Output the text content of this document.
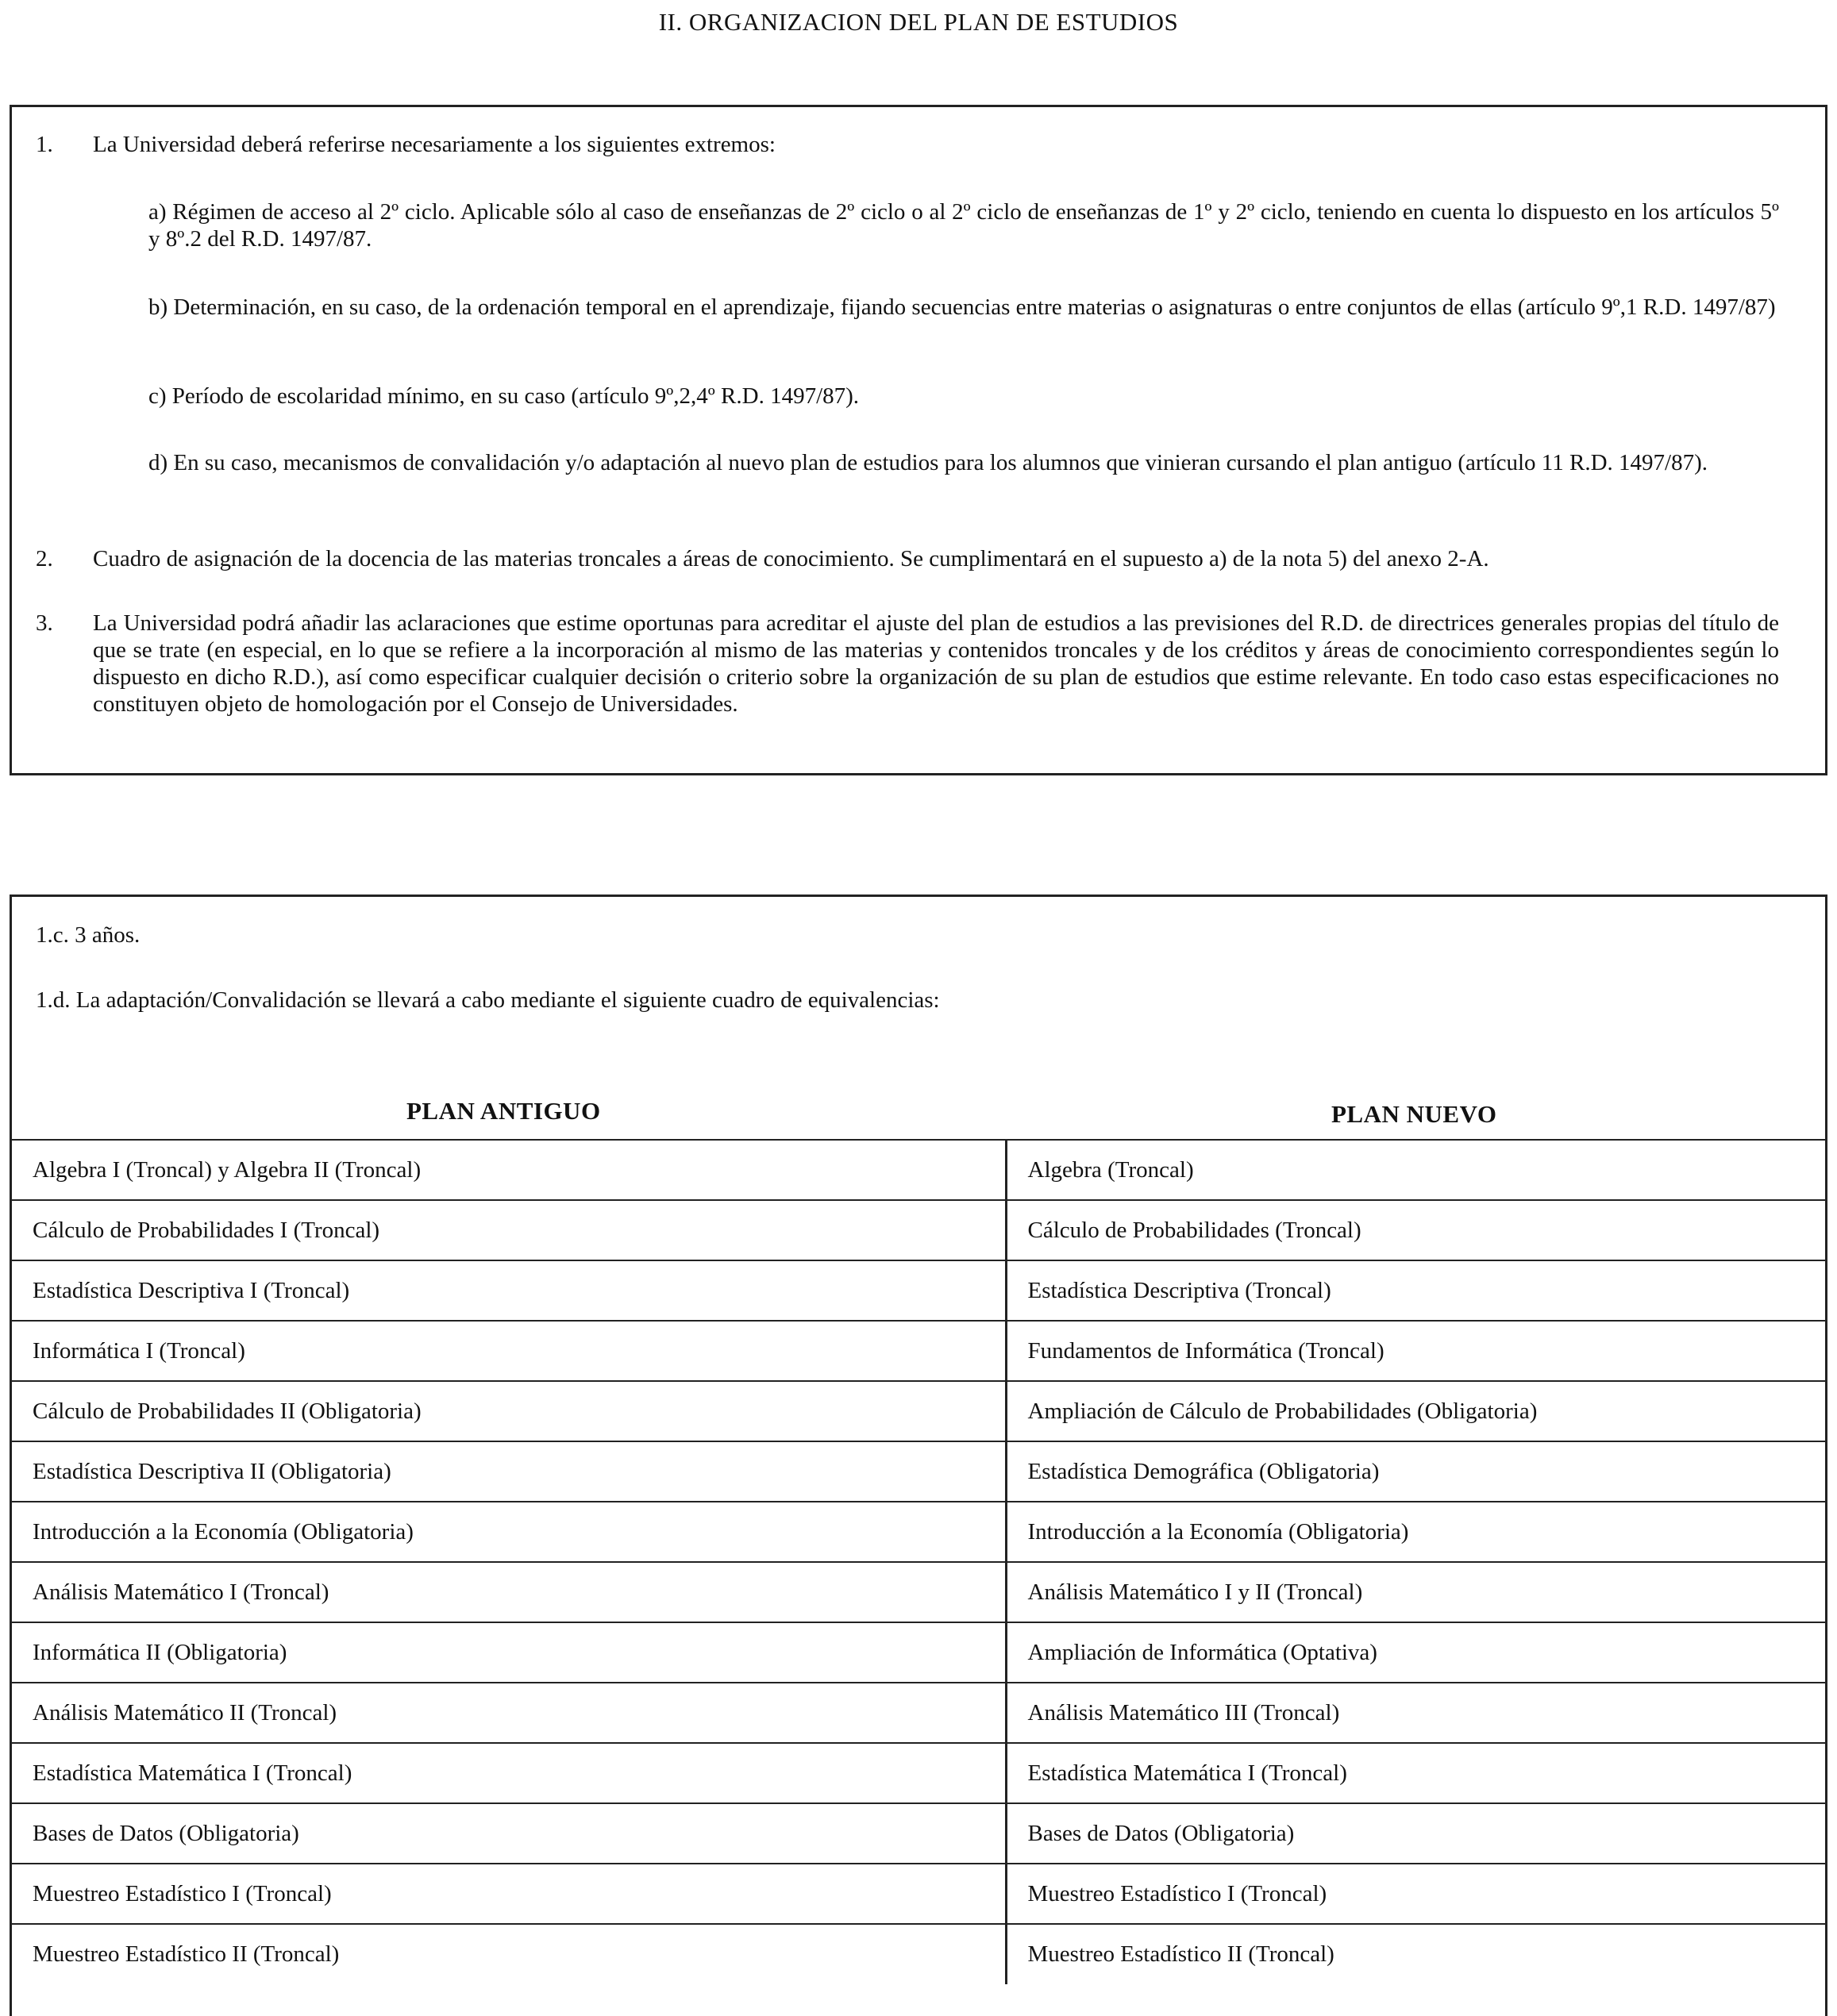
II. ORGANIZACION DEL PLAN DE ESTUDIOS
1. La Universidad deberá referirse necesariamente a los siguientes extremos:
a) Régimen de acceso al 2º ciclo. Aplicable sólo al caso de enseñanzas de 2º ciclo o al 2º ciclo de enseñanzas de 1º y 2º ciclo, teniendo en cuenta lo dispuesto en los artículos 5º y 8º.2 del R.D. 1497/87.
b) Determinación, en su caso, de la ordenación temporal en el aprendizaje, fijando secuencias entre materias o asignaturas o entre conjuntos de ellas (artículo 9º,1 R.D. 1497/87)
c) Período de escolaridad mínimo, en su caso (artículo 9º,2,4º R.D. 1497/87).
d) En su caso, mecanismos de convalidación y/o adaptación al nuevo plan de estudios para los alumnos que vinieran cursando el plan antiguo (artículo 11 R.D. 1497/87).
2. Cuadro de asignación de la docencia de las materias troncales a áreas de conocimiento. Se cumplimentará en el supuesto a) de la nota 5) del anexo 2-A.
3. La Universidad podrá añadir las aclaraciones que estime oportunas para acreditar el ajuste del plan de estudios a las previsiones del R.D. de directrices generales propias del título de que se trate (en especial, en lo que se refiere a la incorporación al mismo de las materias y contenidos troncales y de los créditos y áreas de conocimiento correspondientes según lo dispuesto en dicho R.D.), así como especificar cualquier decisión o criterio sobre la organización de su plan de estudios que estime relevante. En todo caso estas especificaciones no constituyen objeto de homologación por el Consejo de Universidades.
1.c. 3 años.
1.d. La adaptación/Convalidación se llevará a cabo mediante el siguiente cuadro de equivalencias:
PLAN ANTIGUO	PLAN NUEVO
Algebra I (Troncal) y Algebra II (Troncal)	Algebra (Troncal)
Cálculo de Probabilidades I (Troncal)	Cálculo de Probabilidades (Troncal)
Estadística Descriptiva I (Troncal)	Estadística Descriptiva (Troncal)
Informática I (Troncal)	Fundamentos de Informática (Troncal)
Cálculo de Probabilidades II (Obligatoria)	Ampliación de Cálculo de Probabilidades (Obligatoria)
Estadística Descriptiva II (Obligatoria)	Estadística Demográfica (Obligatoria)
Introducción a la Economía (Obligatoria)	Introducción a la Economía (Obligatoria)
Análisis Matemático I (Troncal)	Análisis Matemático I y II (Troncal)
Informática II (Obligatoria)	Ampliación de Informática (Optativa)
Análisis Matemático II (Troncal)	Análisis Matemático III (Troncal)
Estadística Matemática I (Troncal)	Estadística Matemática I (Troncal)
Bases de Datos (Obligatoria)	Bases de Datos (Obligatoria)
Muestreo Estadístico I (Troncal)	Muestreo Estadístico I (Troncal)
Muestreo Estadístico II (Troncal)	Muestreo Estadístico II (Troncal)
